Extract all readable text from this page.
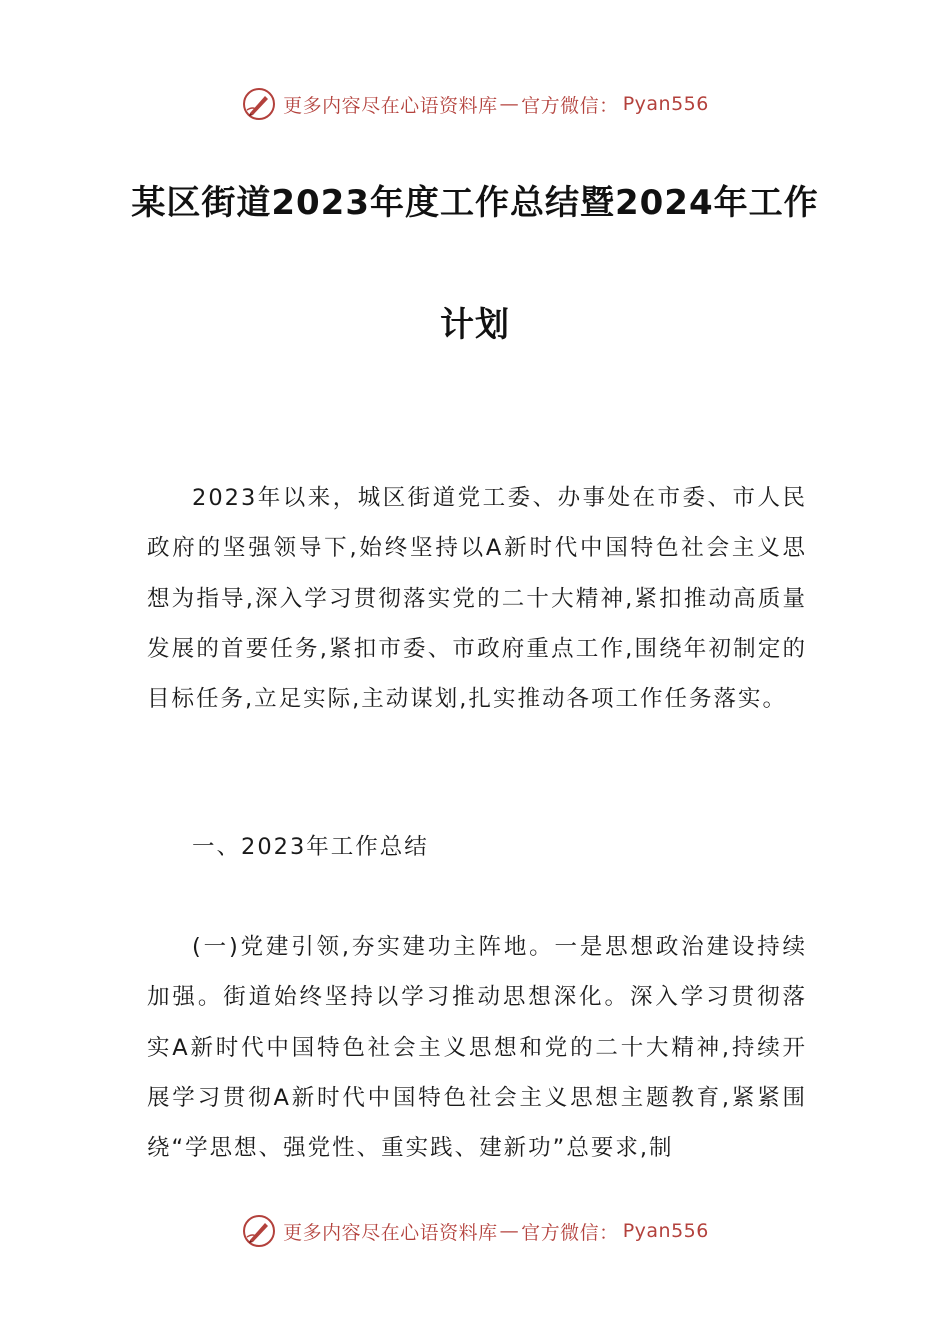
更多内容尽在心语资料库 — 官方微信： Pyan556
某区街道2023年度工作总结暨2024年工作
计划

2023年以来，城区街道党工委、办事处在市委、市人民政府的坚强领导下,始终坚持以A新时代中国特色社会主义思想为指导,深入学习贯彻落实党的二十大精神,紧扣推动高质量发展的首要任务,紧扣市委、市政府重点工作,围绕年初制定的目标任务,立足实际,主动谋划,扎实推动各项工作任务落实。

一、2023年工作总结

(一)党建引领,夯实建功主阵地。一是思想政治建设持续加强。街道始终坚持以学习推动思想深化。深入学习贯彻落实A新时代中国特色社会主义思想和党的二十大精神,持续开展学习贯彻A新时代中国特色社会主义思想主题教育,紧紧围绕“学思想、强党性、重实践、建新功”总要求,制

更多内容尽在心语资料库 — 官方微信： Pyan556
